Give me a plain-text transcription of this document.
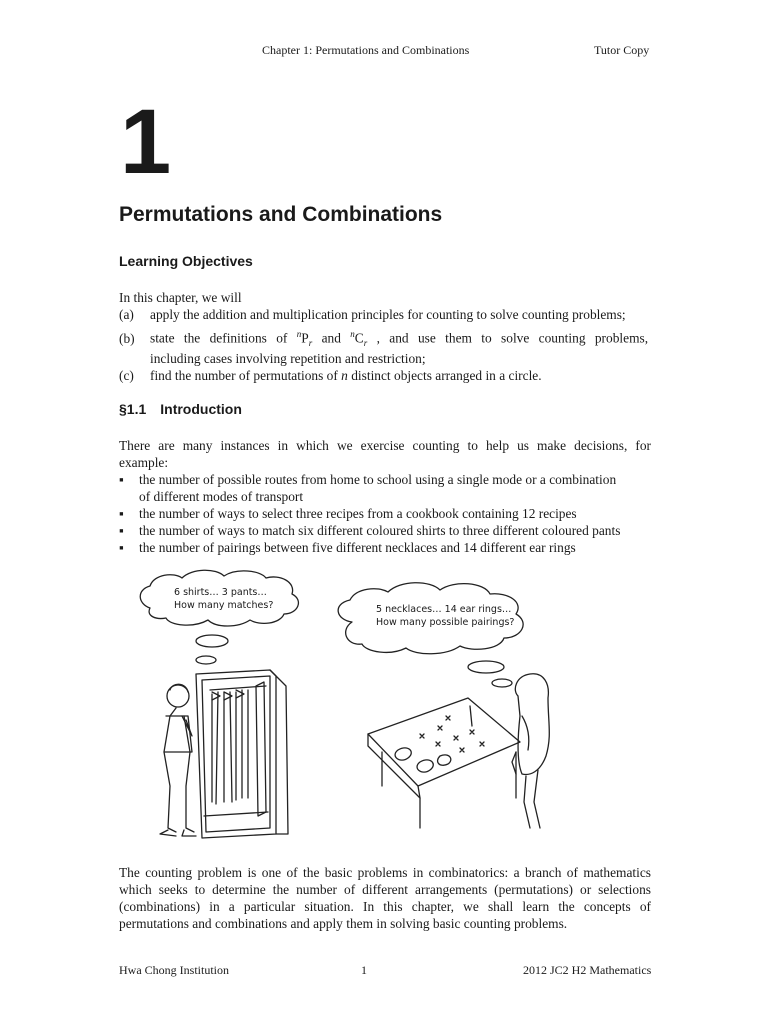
Chapter 1: Permutations and Combinations	Tutor Copy
1
Permutations and Combinations
Learning Objectives
In this chapter, we will
(a) apply the addition and multiplication principles for counting to solve counting problems;
(b) state the definitions of $^nP_r$ and $^nC_r$ , and use them to solve counting problems,
including cases involving repetition and restriction;
(c) find the number of permutations of n distinct objects arranged in a circle.
§1.1 Introduction
There are many instances in which we exercise counting to help us make decisions, for
example:
▪ the number of possible routes from home to school using a single mode or a combination
of different modes of transport
▪ the number of ways to select three recipes from a cookbook containing 12 recipes
▪ the number of ways to match six different coloured shirts to three different coloured pants
▪ the number of pairings between five different necklaces and 14 different ear rings
6 shirts… 3 pants…
How many matches?	5 necklaces… 14 ear rings…
How many possible pairings?
The counting problem is one of the basic problems in combinatorics: a branch of mathematics
which seeks to determine the number of different arrangements (permutations) or selections
(combinations) in a particular situation. In this chapter, we shall learn the concepts of
permutations and combinations and apply them in solving basic counting problems.
Hwa Chong Institution	1	2012 JC2 H2 Mathematics
